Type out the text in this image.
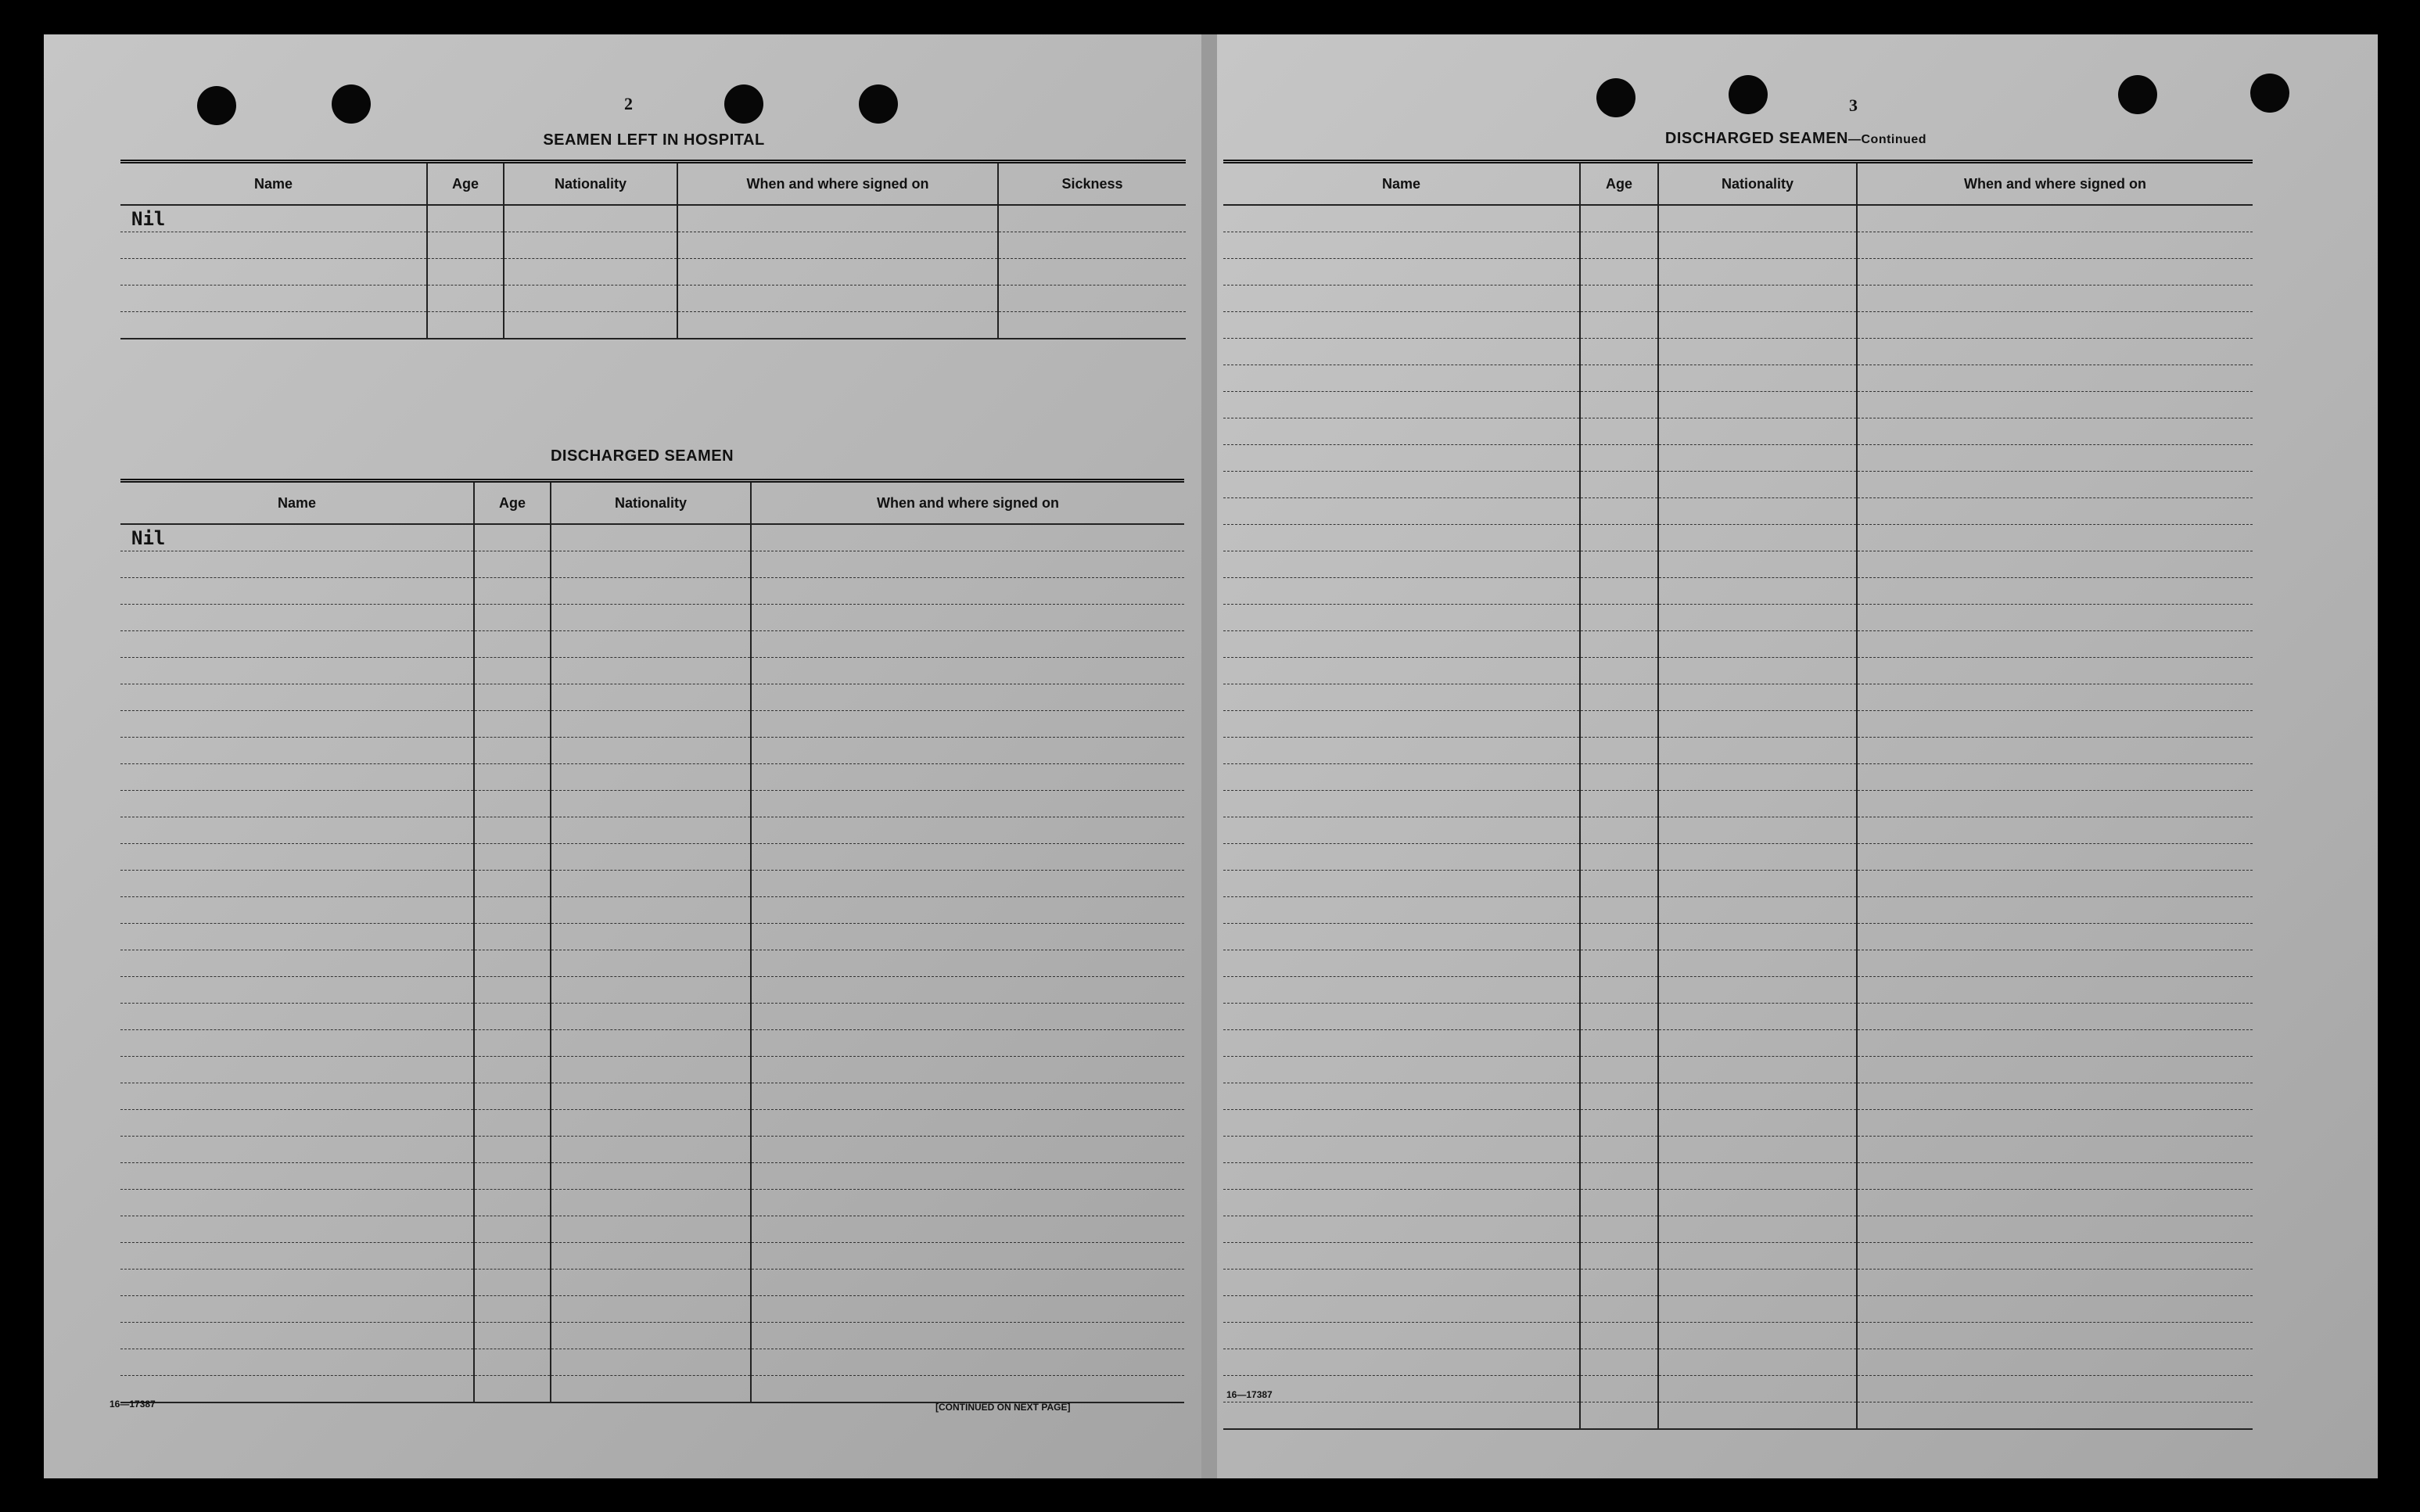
2
SEAMEN LEFT IN HOSPITAL
Name	Age	Nationality	When and where signed on	Sickness
Nil				

DISCHARGED SEAMEN
Name	Age	Nationality	When and where signed on
Nil			

16—17387	[CONTINUED ON NEXT PAGE]
3
DISCHARGED SEAMEN—Continued
Name	Age	Nationality	When and where signed on

16—17387
